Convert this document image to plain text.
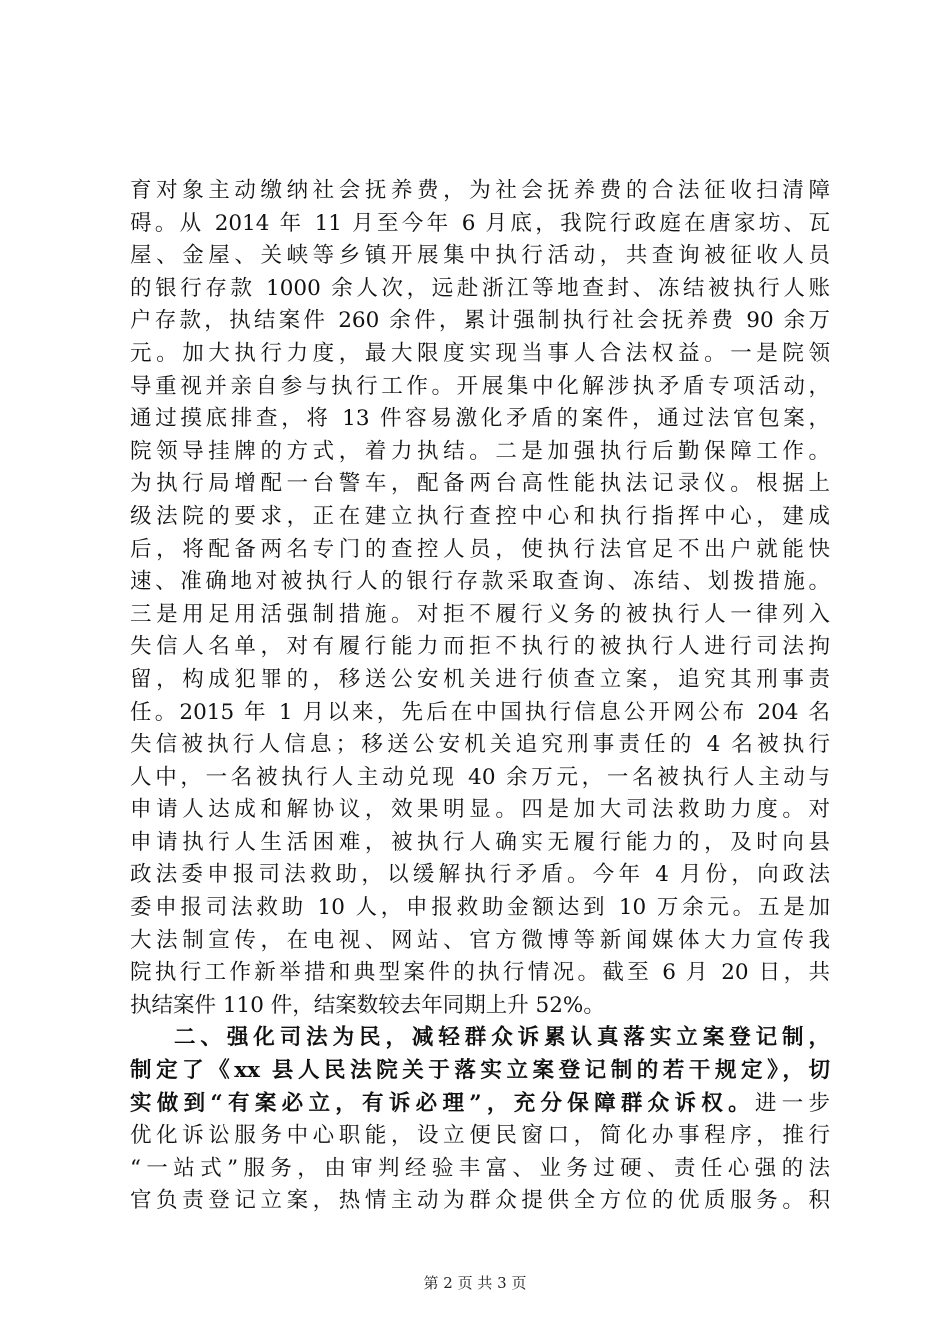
育对象主动缴纳社会抚养费，为社会抚养费的合法征收扫清障
碍。从 2014 年 11 月至今年 6 月底，我院行政庭在唐家坊、瓦
屋、金屋、关峡等乡镇开展集中执行活动，共查询被征收人员
的银行存款 1000 余人次，远赴浙江等地查封、冻结被执行人账
户存款，执结案件 260 余件，累计强制执行社会抚养费 90 余万
元。加大执行力度，最大限度实现当事人合法权益。一是院领
导重视并亲自参与执行工作。开展集中化解涉执矛盾专项活动，
通过摸底排查，将 13 件容易激化矛盾的案件，通过法官包案，
院领导挂牌的方式，着力执结。二是加强执行后勤保障工作。
为执行局增配一台警车，配备两台高性能执法记录仪。根据上
级法院的要求，正在建立执行查控中心和执行指挥中心，建成
后，将配备两名专门的查控人员，使执行法官足不出户就能快
速、准确地对被执行人的银行存款采取查询、冻结、划拨措施。
三是用足用活强制措施。对拒不履行义务的被执行人一律列入
失信人名单，对有履行能力而拒不执行的被执行人进行司法拘
留，构成犯罪的，移送公安机关进行侦查立案，追究其刑事责
任。2015 年 1 月以来，先后在中国执行信息公开网公布 204 名
失信被执行人信息；移送公安机关追究刑事责任的 4 名被执行
人中，一名被执行人主动兑现 40 余万元，一名被执行人主动与
申请人达成和解协议，效果明显。四是加大司法救助力度。对
申请执行人生活困难，被执行人确实无履行能力的，及时向县
政法委申报司法救助，以缓解执行矛盾。今年 4 月份，向政法
委申报司法救助 10 人，申报救助金额达到 10 万余元。五是加
大法制宣传，在电视、网站、官方微博等新闻媒体大力宣传我
院执行工作新举措和典型案件的执行情况。截至 6 月 20 日，共
执结案件 110 件，结案数较去年同期上升 52%。
二、强化司法为民，减轻群众诉累认真落实立案登记制，
制定了《xx 县人民法院关于落实立案登记制的若干规定》，切
实做到“有案必立，有诉必理”，充分保障群众诉权。进一步
优化诉讼服务中心职能，设立便民窗口，简化办事程序，推行
“一站式”服务，由审判经验丰富、业务过硬、责任心强的法
官负责登记立案，热情主动为群众提供全方位的优质服务。积
第 2 页 共 3 页
